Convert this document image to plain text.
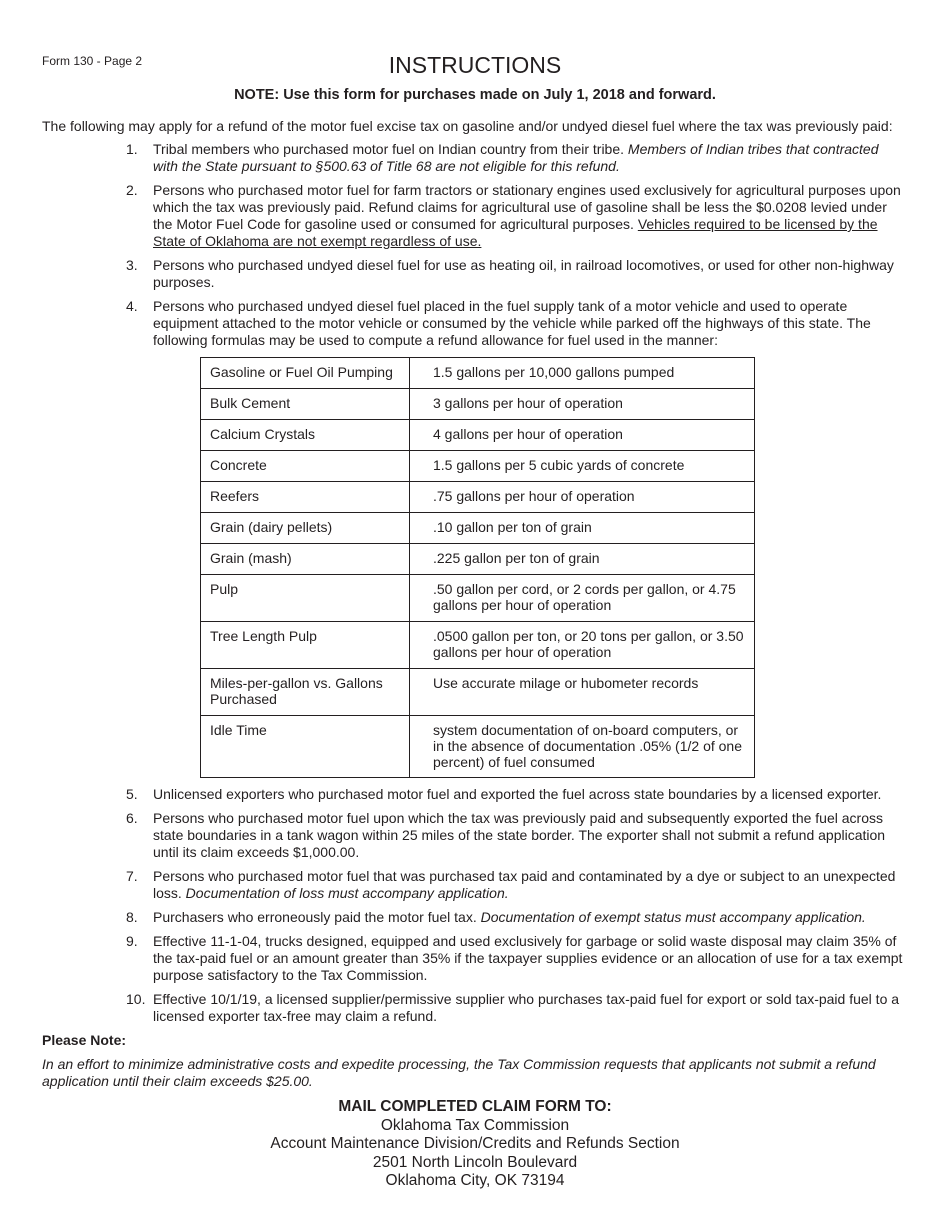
Form 130 - Page 2	INSTRUCTIONS
NOTE: Use this form for purchases made on July 1, 2018 and forward.
The following may apply for a refund of the motor fuel excise tax on gasoline and/or undyed diesel fuel where the tax was previously paid:
1.	Tribal members who purchased motor fuel on Indian country from their tribe. Members of Indian tribes that contracted with the State pursuant to §500.63 of Title 68 are not eligible for this refund.
2.	Persons who purchased motor fuel for farm tractors or stationary engines used exclusively for agricultural purposes upon which the tax was previously paid. Refund claims for agricultural use of gasoline shall be less the $0.0208 levied under the Motor Fuel Code for gasoline used or consumed for agricultural purposes. Vehicles required to be licensed by the State of Oklahoma are not exempt regardless of use.
3.	Persons who purchased undyed diesel fuel for use as heating oil, in railroad locomotives, or used for other non-highway purposes.
4.	Persons who purchased undyed diesel fuel placed in the fuel supply tank of a motor vehicle and used to operate equipment attached to the motor vehicle or consumed by the vehicle while parked off the highways of this state. The following formulas may be used to compute a refund allowance for fuel used in the manner:
Gasoline or Fuel Oil Pumping	1.5 gallons per 10,000 gallons pumped
Bulk Cement	3 gallons per hour of operation
Calcium Crystals	4 gallons per hour of operation
Concrete	1.5 gallons per 5 cubic yards of concrete
Reefers	.75 gallons per hour of operation
Grain (dairy pellets)	.10 gallon per ton of grain
Grain (mash)	.225 gallon per ton of grain
Pulp	.50 gallon per cord, or 2 cords per gallon, or 4.75 gallons per hour of operation
Tree Length Pulp	.0500 gallon per ton, or 20 tons per gallon, or 3.50 gallons per hour of operation
Miles-per-gallon vs. Gallons Purchased	Use accurate milage or hubometer records
Idle Time	system documentation of on-board computers, or in the absence of documentation .05% (1/2 of one percent) of fuel consumed
5.	Unlicensed exporters who purchased motor fuel and exported the fuel across state boundaries by a licensed exporter.
6.	Persons who purchased motor fuel upon which the tax was previously paid and subsequently exported the fuel across state boundaries in a tank wagon within 25 miles of the state border. The exporter shall not submit a refund application until its claim exceeds $1,000.00.
7.	Persons who purchased motor fuel that was purchased tax paid and contaminated by a dye or subject to an unexpected loss. Documentation of loss must accompany application.
8.	Purchasers who erroneously paid the motor fuel tax. Documentation of exempt status must accompany application.
9.	Effective 11-1-04, trucks designed, equipped and used exclusively for garbage or solid waste disposal may claim 35% of the tax-paid fuel or an amount greater than 35% if the taxpayer supplies evidence or an allocation of use for a tax exempt purpose satisfactory to the Tax Commission.
10. Effective 10/1/19, a licensed supplier/permissive supplier who purchases tax-paid fuel for export or sold tax-paid fuel to a licensed exporter tax-free may claim a refund.
Please Note:
In an effort to minimize administrative costs and expedite processing, the Tax Commission requests that applicants not submit a refund application until their claim exceeds $25.00.
MAIL COMPLETED CLAIM FORM TO:
Oklahoma Tax Commission
Account Maintenance Division/Credits and Refunds Section
2501 North Lincoln Boulevard
Oklahoma City, OK 73194
